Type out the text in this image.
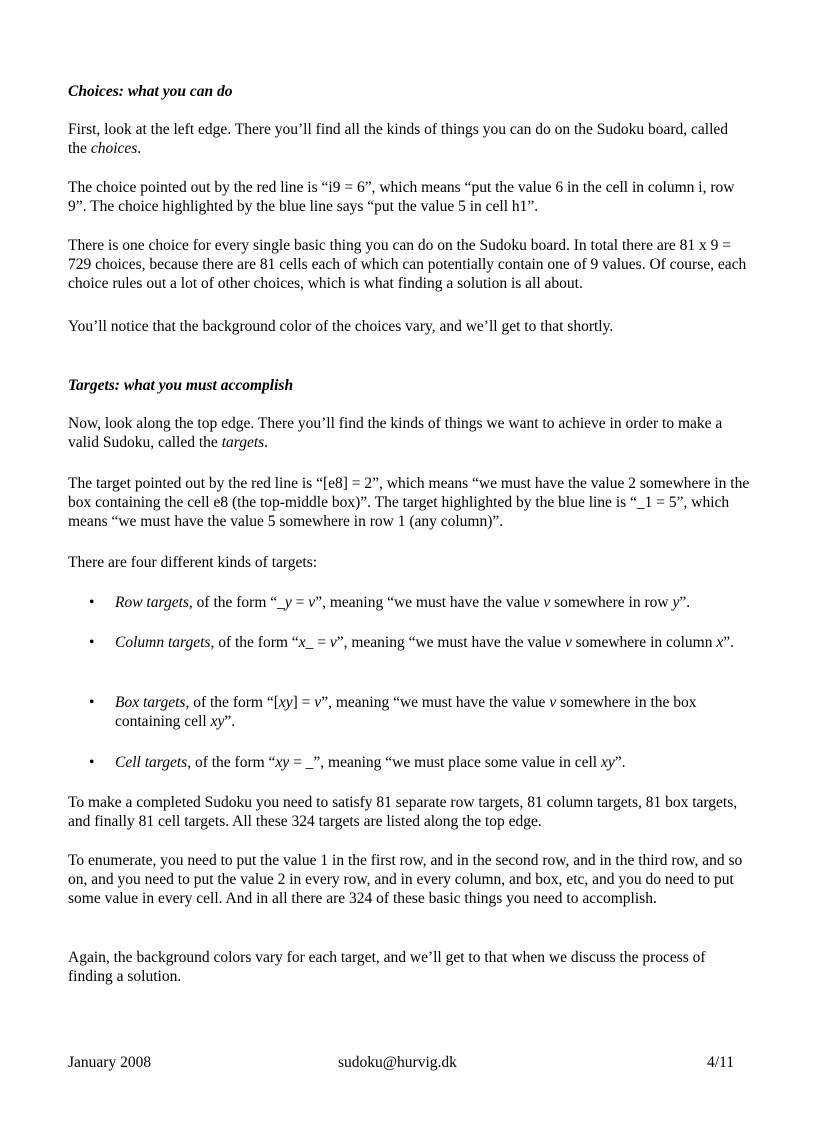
Choices: what you can do

First, look at the left edge. There you’ll find all the kinds of things you can do on the Sudoku board, called the choices.

The choice pointed out by the red line is “i9 = 6”, which means “put the value 6 in the cell in column i, row 9”. The choice highlighted by the blue line says “put the value 5 in cell h1”.

There is one choice for every single basic thing you can do on the Sudoku board. In total there are 81 x 9 = 729 choices, because there are 81 cells each of which can potentially contain one of 9 values. Of course, each choice rules out a lot of other choices, which is what finding a solution is all about.

You’ll notice that the background color of the choices vary, and we’ll get to that shortly.

Targets: what you must accomplish

Now, look along the top edge. There you’ll find the kinds of things we want to achieve in order to make a valid Sudoku, called the targets.

The target pointed out by the red line is “[e8] = 2”, which means “we must have the value 2 somewhere in the box containing the cell e8 (the top-middle box)”. The target highlighted by the blue line is “_1 = 5”, which means “we must have the value 5 somewhere in row 1 (any column)”.

There are four different kinds of targets:

• Row targets, of the form “_y = v”, meaning “we must have the value v somewhere in row y”.
• Column targets, of the form “x_ = v”, meaning “we must have the value v somewhere in column x”.
• Box targets, of the form “[xy] = v”, meaning “we must have the value v somewhere in the box containing cell xy”.
• Cell targets, of the form “xy = _”, meaning “we must place some value in cell xy”.

To make a completed Sudoku you need to satisfy 81 separate row targets, 81 column targets, 81 box targets, and finally 81 cell targets. All these 324 targets are listed along the top edge.

To enumerate, you need to put the value 1 in the first row, and in the second row, and in the third row, and so on, and you need to put the value 2 in every row, and in every column, and box, etc, and you do need to put some value in every cell. And in all there are 324 of these basic things you need to accomplish.

Again, the background colors vary for each target, and we’ll get to that when we discuss the process of finding a solution.

January 2008	sudoku@hurvig.dk	4/11
